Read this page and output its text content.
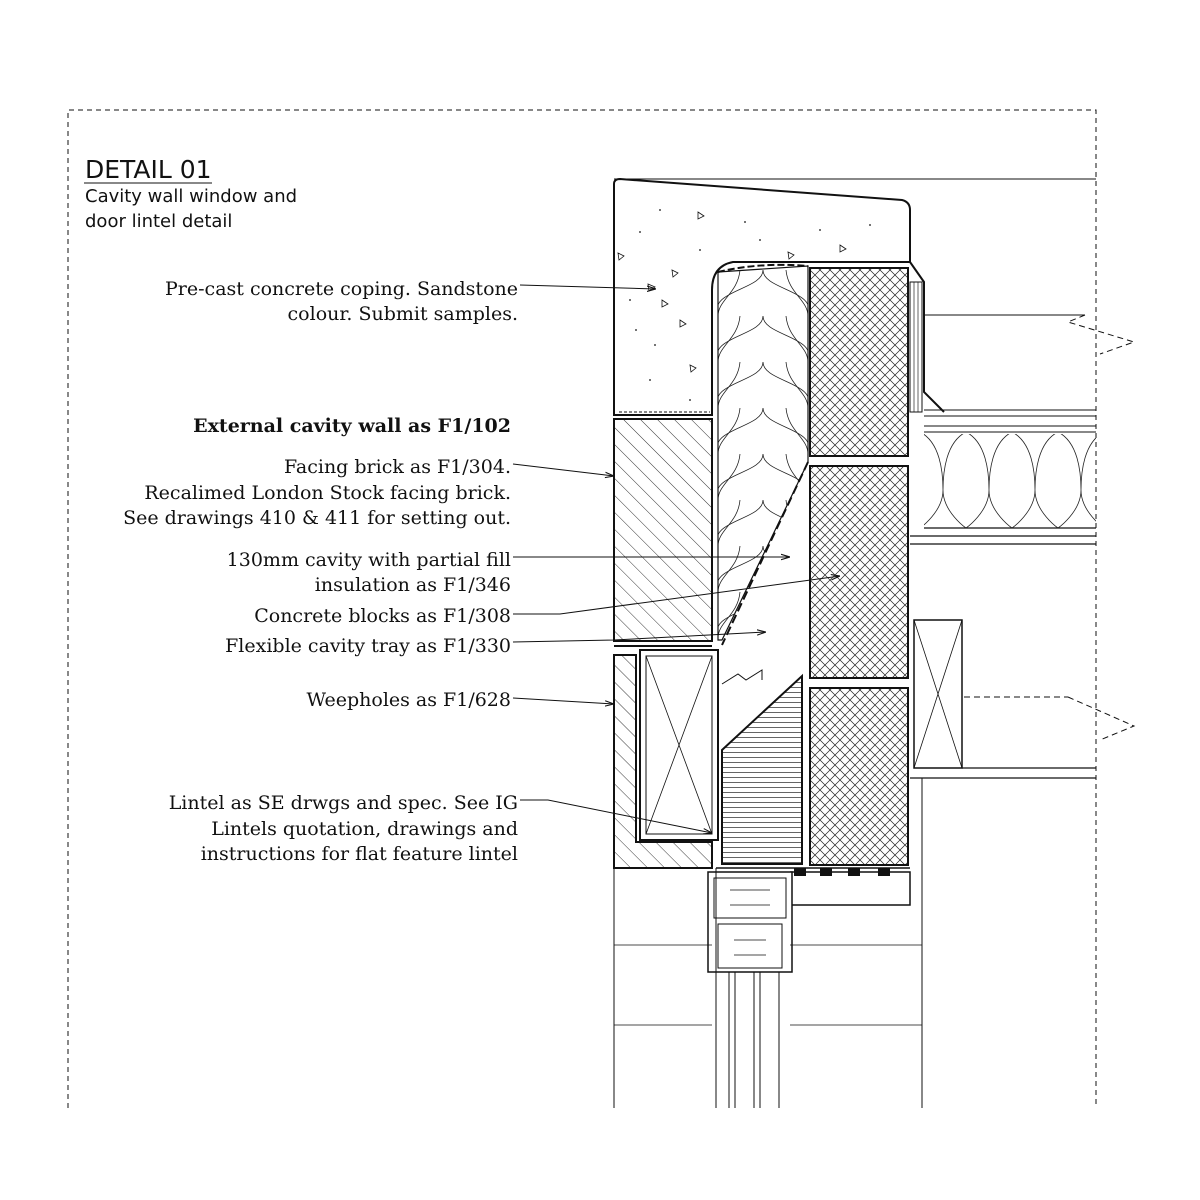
DETAIL 01
Cavity wall window and
door lintel detail
Pre-cast concrete coping. Sandstone
colour. Submit samples.
External cavity wall as F1/102
Facing brick as F1/304.
Recalimed London Stock facing brick.
See drawings 410 & 411 for setting out.
130mm cavity with partial fill
insulation as F1/346
Concrete blocks as F1/308
Flexible cavity tray as F1/330
Weepholes as F1/628
Lintel as SE drwgs and spec. See IG
Lintels quotation, drawings and
instructions for flat feature lintel
